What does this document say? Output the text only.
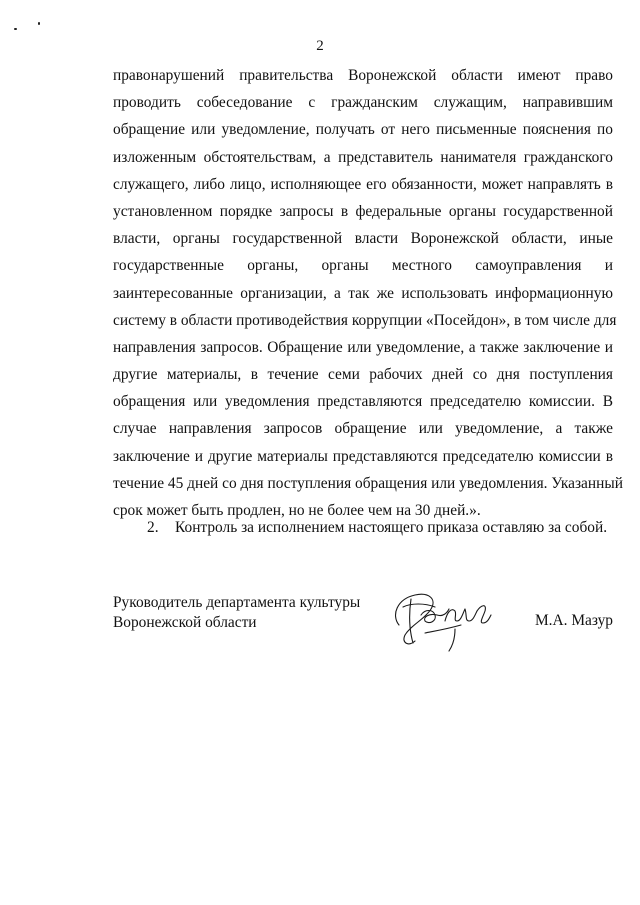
2
правонарушений правительства Воронежской области имеют право
проводить собеседование с гражданским служащим, направившим
обращение или уведомление, получать от него письменные пояснения по
изложенным обстоятельствам, а представитель нанимателя гражданского
служащего, либо лицо, исполняющее его обязанности, может направлять в
установленном порядке запросы в федеральные органы государственной
власти, органы государственной власти Воронежской области, иные
государственные органы, органы местного самоуправления и
заинтересованные организации, а так же использовать информационную
систему в области противодействия коррупции «Посейдон», в том числе для
направления запросов. Обращение или уведомление, а также заключение и
другие материалы, в течение семи рабочих дней со дня поступления
обращения или уведомления представляются председателю комиссии. В
случае направления запросов обращение или уведомление, а также
заключение и другие материалы представляются председателю комиссии в
течение 45 дней со дня поступления обращения или уведомления. Указанный
срок может быть продлен, но не более чем на 30 дней.».
2. Контроль за исполнением настоящего приказа оставляю за собой.
Руководитель департамента культуры
Воронежской области	М.А. Мазур
